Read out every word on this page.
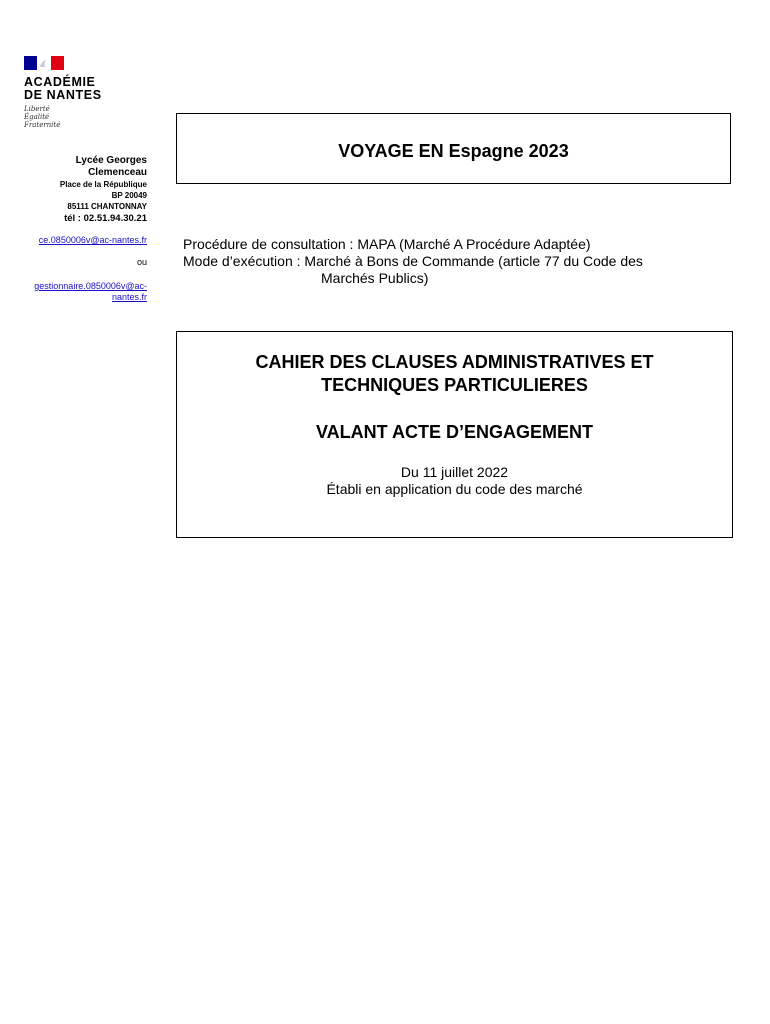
ACADÉMIE
DE NANTES
Liberté
Égalité
Fraternité
Lycée Georges
Clemenceau
Place de la République
BP 20049
85111 CHANTONNAY
tél : 02.51.94.30.21
ce.0850006v@ac-nantes.fr
ou
gestionnaire.0850006v@ac-
nantes.fr
VOYAGE EN Espagne 2023
Procédure de consultation : MAPA (Marché A Procédure Adaptée)
Mode d’exécution : Marché à Bons de Commande (article 77 du Code des
Marchés Publics)
CAHIER DES CLAUSES ADMINISTRATIVES ET
TECHNIQUES PARTICULIERES
VALANT ACTE D’ENGAGEMENT
Du 11 juillet 2022
Établi en application du code des marché
